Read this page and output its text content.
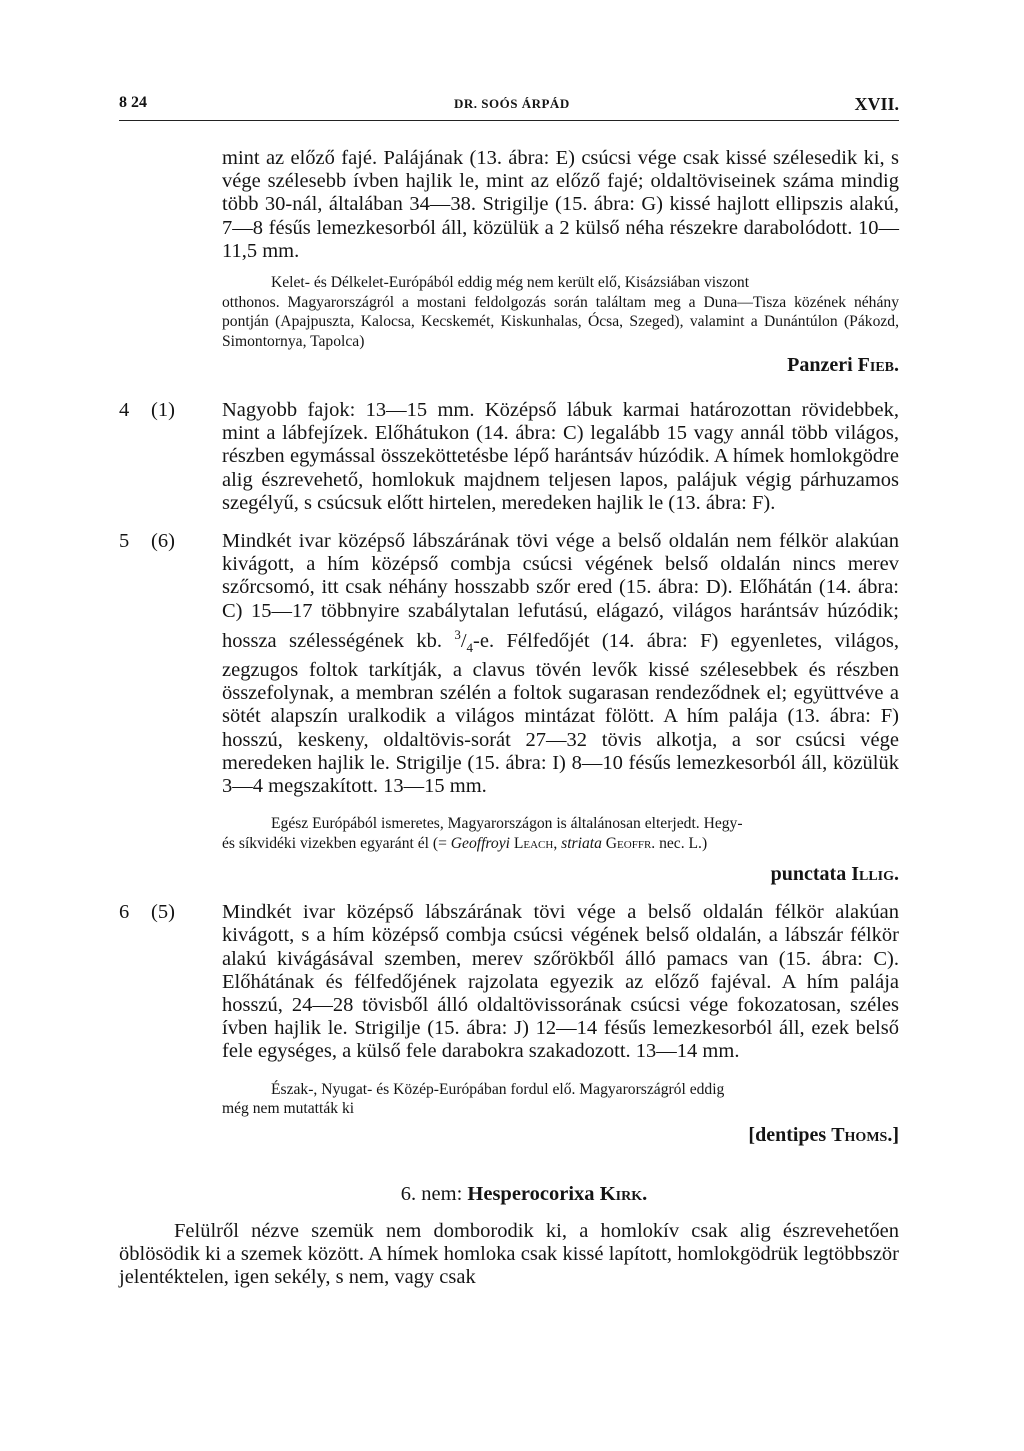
8 24	DR. SOÓS ÁRPÁD	XVII.
mint az előző fajé. Palájának (13. ábra: E) csúcsi vége csak kissé szélesedik ki, s vége szélesebb ívben hajlik le, mint az előző fajé; oldaltöviseinek száma mindig több 30-nál, általában 34—38. Strigilje (15. ábra: G) kissé hajlott ellipszis alakú, 7—8 fésűs lemezkesorból áll, közülük a 2 külső néha részekre darabolódott. 10—11,5 mm.
Kelet- és Délkelet-Európából eddig még nem került elő, Kisázsiában viszont
otthonos. Magyarországról a mostani feldolgozás során találtam meg a Duna—Tisza közének néhány pontján (Apajpuszta, Kalocsa, Kecskemét, Kiskunhalas, Ócsa, Szeged), valamint a Dunántúlon (Pákozd, Simontornya, Tapolca)
Panzeri Fieb.
4 (1) Nagyobb fajok: 13—15 mm. Középső lábuk karmai határozottan rövidebbek, mint a lábfejízek. Előhátukon (14. ábra: C) legalább 15 vagy annál több világos, részben egymással összeköttetésbe lépő harántsáv húzódik. A hímek homlokgödre alig észrevehető, homlokuk majdnem teljesen lapos, palájuk végig párhuzamos szegélyű, s csúcsuk előtt hirtelen, meredeken hajlik le (13. ábra: F).
5 (6) Mindkét ivar középső lábszárának tövi vége a belső oldalán nem félkör alakúan kivágott, a hím középső combja csúcsi végének belső oldalán nincs merev szőrcsomó, itt csak néhány hosszabb szőr ered (15. ábra: D). Előhátán (14. ábra: C) 15—17 többnyire szabálytalan lefutású, elágazó, világos harántsáv húzódik; hossza szélességének kb. $^3/_4-e$. Félfedőjét (14. ábra: F) egyenletes, világos, zegzugos foltok tarkítják, a clavus tövén levők kissé szélesebbek és részben összefolynak, a membran szélén a foltok sugarasan rendeződnek el; együttvéve a sötét alapszín uralkodik a világos mintázat fölött. A hím palája (13. ábra: F) hosszú, keskeny, oldaltövis-sorát 27—32 tövis alkotja, a sor csúcsi vége meredeken hajlik le. Strigilje (15. ábra: I) 8—10 fésűs lemezkesorból áll, közülük 3—4 megszakított. 13—15 mm.
Egész Európából ismeretes, Magyarországon is általánosan elterjedt. Hegy-
és síkvidéki vizekben egyaránt él (= Geoffroyi Leach, striata Geoffr. nec. L.)
punctata Illig.
6 (5) Mindkét ivar középső lábszárának tövi vége a belső oldalán félkör alakúan kivágott, s a hím középső combja csúcsi végének belső oldalán, a lábszár félkör alakú kivágásával szemben, merev szőrökből álló pamacs van (15. ábra: C). Előhátának és félfedőjének rajzolata egyezik az előző fajéval. A hím palája hosszú, 24—28 tövisből álló oldaltövissorának csúcsi vége fokozatosan, széles ívben hajlik le. Strigilje (15. ábra: J) 12—14 fésűs lemezkesorból áll, ezek belső fele egységes, a külső fele darabokra szakadozott. 13—14 mm.
Észak-, Nyugat- és Közép-Európában fordul elő. Magyarországról eddig
még nem mutatták ki
[dentipes Thoms.]
6. nem: Hesperocorixa Kirk.
Felülről nézve szemük nem domborodik ki, a homlokív csak alig észrevehetően öblösödik ki a szemek között. A hímek homloka csak kissé lapított, homlokgödrük legtöbbször jelentéktelen, igen sekély, s nem, vagy csak
